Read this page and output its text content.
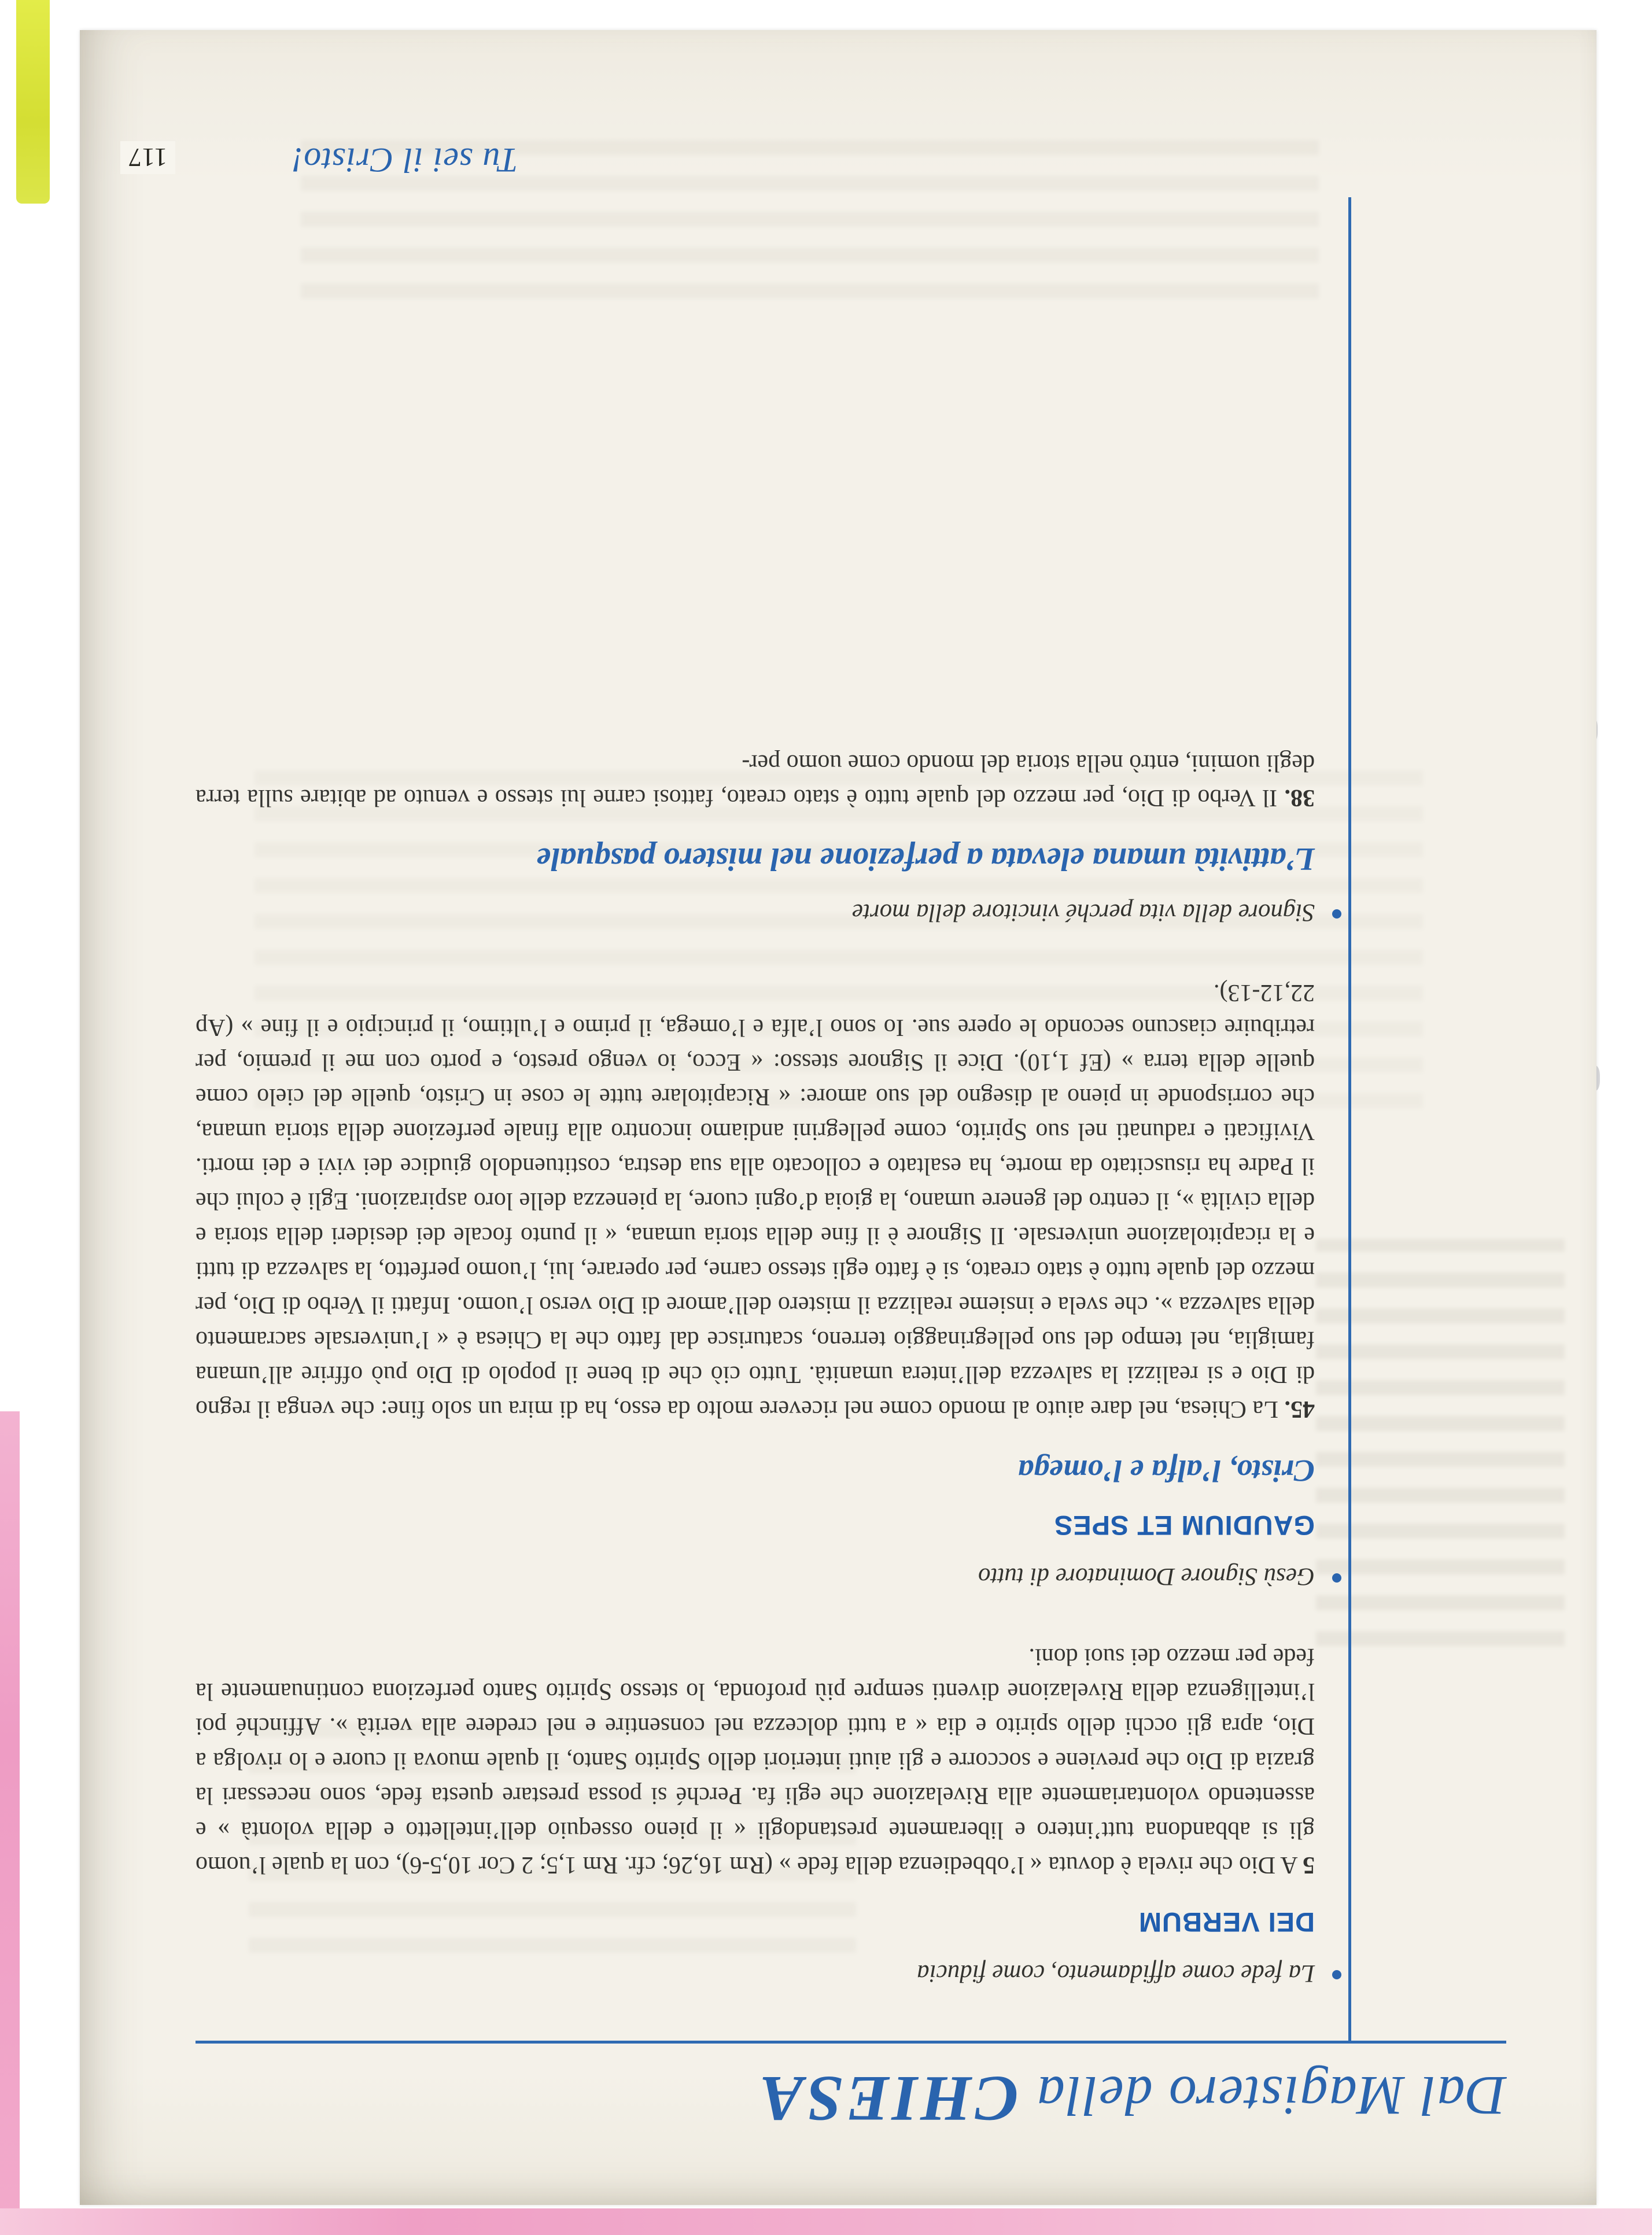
Dal Magistero della CHIESA
La fede come affidamento, come fiducia
DEI VERBUM

5 A Dio che rivela è dovuta « l’obbedienza della fede » (Rm 16,26; cfr. Rm 1,5; 2 Cor 10,5-6), con la quale l’uomo gli si abbandona tutt’intero e liberamente prestandogli « il pieno ossequio dell’intelletto e della volontà » e assentendo volontariamente alla Rivelazione che egli fa. Perché si possa prestare questa fede, sono necessari la grazia di Dio che previene e soccorre e gli aiuti interiori dello Spirito Santo, il quale muova il cuore e lo rivolga a Dio, apra gli occhi dello spirito e dia « a tutti dolcezza nel consentire e nel credere alla verità ». Affinché poi l’intelligenza della Rivelazione diventi sempre più profonda, lo stesso Spirito Santo perfeziona continuamente la fede per mezzo dei suoi doni.

Gesù Signore Dominatore di tutto
GAUDIUM ET SPES
Cristo, l’alfa e l’omega

45. La Chiesa, nel dare aiuto al mondo come nel ricevere molto da esso, ha di mira un solo fine: che venga il regno di Dio e si realizzi la salvezza dell’intera umanità. Tutto ciò che di bene il popolo di Dio può offrire all’umana famiglia, nel tempo del suo pellegrinaggio terreno, scaturisce dal fatto che la Chiesa è « l’universale sacramento della salvezza ». che svela e insieme realizza il mistero dell’amore di Dio verso l’uomo. Infatti il Verbo di Dio, per mezzo del quale tutto è stato creato, si è fatto egli stesso carne, per operare, lui, l’uomo perfetto, la salvezza di tutti e la ricapitolazione universale. Il Signore è il fine della storia umana, « il punto focale dei desideri della storia e della civiltà », il centro del genere umano, la gioia d’ogni cuore, la pienezza delle loro aspirazioni. Egli è colui che il Padre ha risuscitato da morte, ha esaltato e collocato alla sua destra, costituendolo giudice dei vivi e dei morti. Vivificati e radunati nel suo Spirito, come pellegrini andiamo incontro alla finale perfezione della storia umana, che corrisponde in pieno al disegno del suo amore: « Ricapitolare tutte le cose in Cristo, quelle del cielo come quelle della terra » (Ef 1,10). Dice il Signore stesso: « Ecco, io vengo presto, e porto con me il premio, per retribuire ciascuno secondo le opere sue. Io sono l’alfa e l’omega, il primo e l’ultimo, il principio e il fine » (Ap 22,12-13).

Signore della vita perché vincitore della morte
L’attività umana elevata a perfezione nel mistero pasquale

38. Il Verbo di Dio, per mezzo del quale tutto è stato creato, fattosi carne lui stesso e venuto ad abitare sulla terra degli uomini, entrò nella storia del mondo come uomo per-

Tu sei il Cristo!
117
